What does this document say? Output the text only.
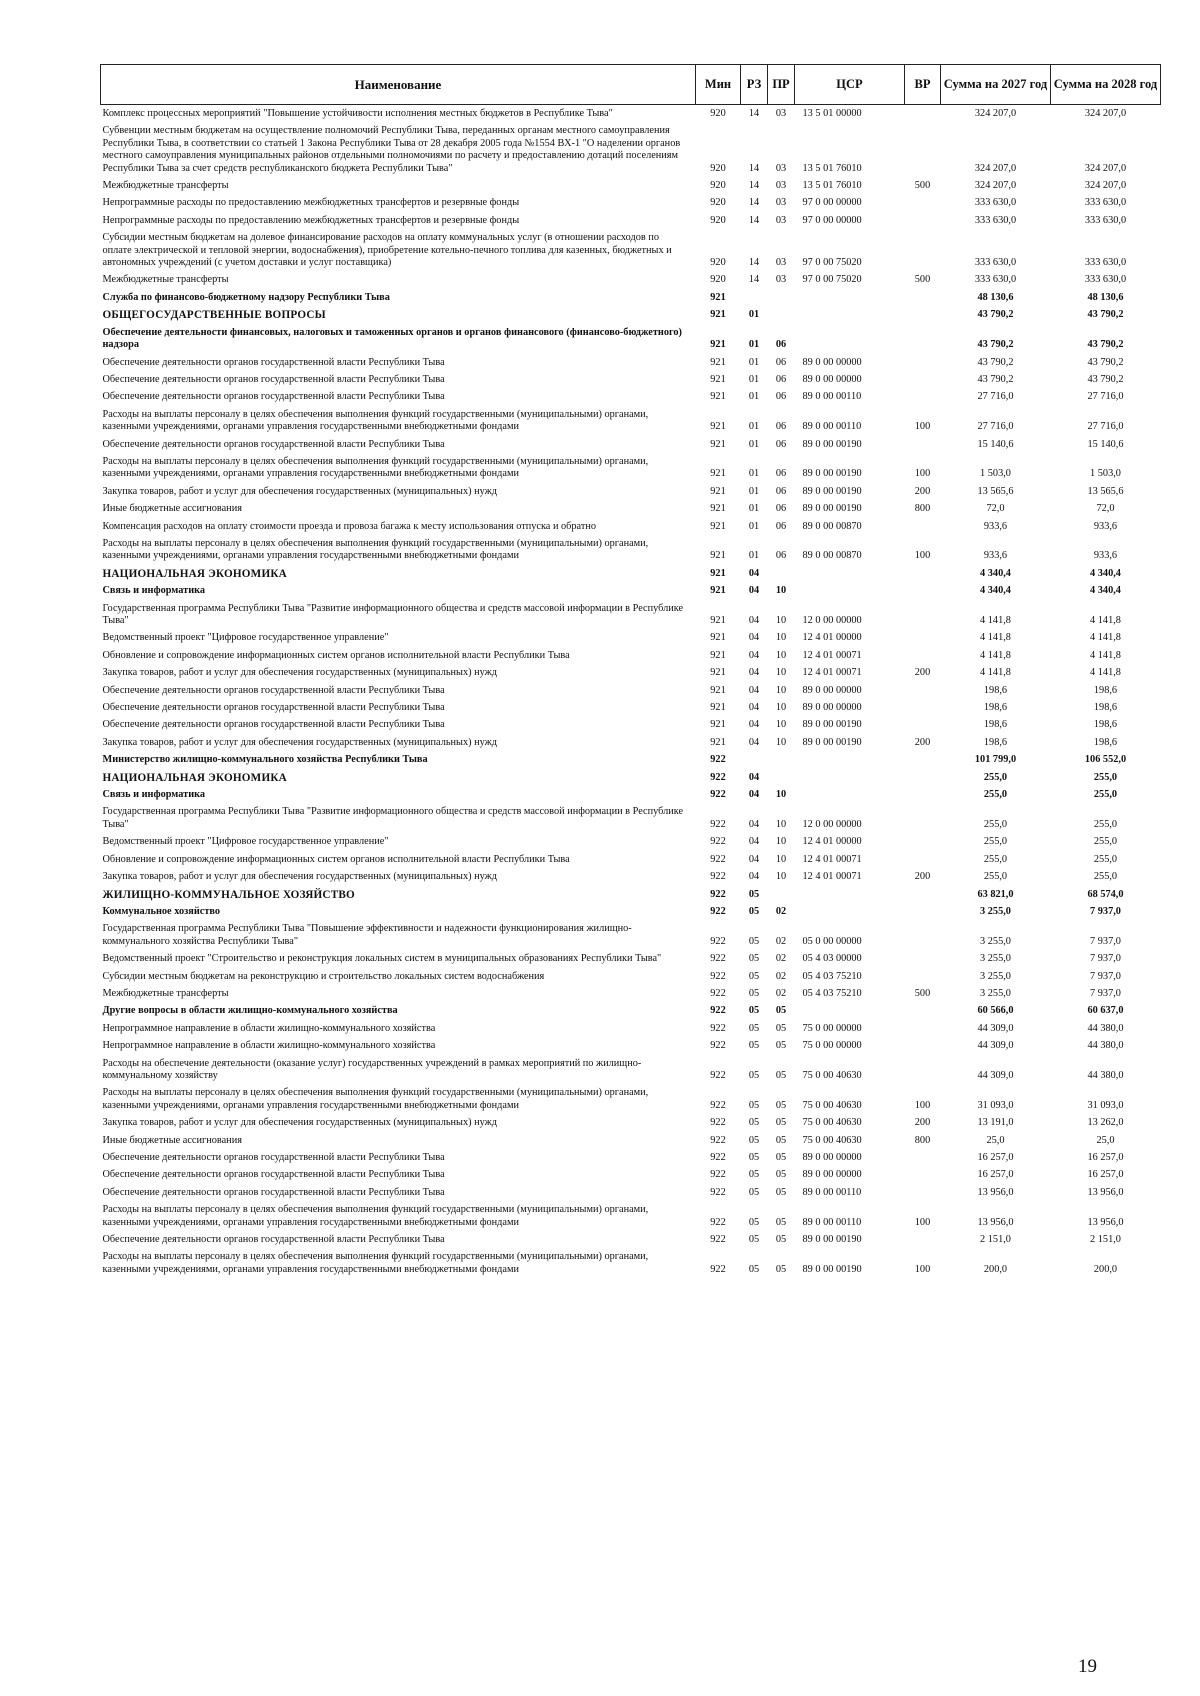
Наименование	Мин	РЗ	ПР	ЦСР	ВР	Сумма на 2027 год	Сумма на 2028 год
Комплекс процессных мероприятий "Повышение устойчивости исполнения местных бюджетов в Республике Тыва"	920	14	03	13 5 01 00000		324 207,0	324 207,0
Субвенции местным бюджетам на осуществление полномочий Республики Тыва, переданных органам местного самоуправления Республики Тыва, в соответствии со статьей 1 Закона Республики Тыва от 28 декабря 2005 года №1554 ВХ-1 "О наделении органов местного самоуправления муниципальных районов отдельными полномочиями по расчету и предоставлению дотаций поселениям Республики Тыва за счет средств республиканского бюджета Республики Тыва"	920	14	03	13 5 01 76010		324 207,0	324 207,0
Межбюджетные трансферты	920	14	03	13 5 01 76010	500	324 207,0	324 207,0
Непрограммные расходы по предоставлению межбюджетных трансфертов и резервные фонды	920	14	03	97 0 00 00000		333 630,0	333 630,0
Непрограммные расходы по предоставлению межбюджетных трансфертов и резервные фонды	920	14	03	97 0 00 00000		333 630,0	333 630,0
Субсидии местным бюджетам на долевое финансирование расходов на оплату коммунальных услуг (в отношении расходов по оплате электрической и тепловой энергии, водоснабжения), приобретение котельно-печного топлива для казенных, бюджетных и автономных учреждений (с учетом доставки и услуг поставщика)	920	14	03	97 0 00 75020		333 630,0	333 630,0
Межбюджетные трансферты	920	14	03	97 0 00 75020	500	333 630,0	333 630,0
Служба по финансово-бюджетному надзору Республики Тыва	921					48 130,6	48 130,6
ОБЩЕГОСУДАРСТВЕННЫЕ ВОПРОСЫ	921	01				43 790,2	43 790,2
Обеспечение деятельности финансовых, налоговых и таможенных органов и органов финансового (финансово-бюджетного) надзора	921	01	06			43 790,2	43 790,2
Обеспечение деятельности органов государственной власти Республики Тыва	921	01	06	89 0 00 00000		43 790,2	43 790,2
Обеспечение деятельности органов государственной власти Республики Тыва	921	01	06	89 0 00 00000		43 790,2	43 790,2
Обеспечение деятельности органов государственной власти Республики Тыва	921	01	06	89 0 00 00110		27 716,0	27 716,0
Расходы на выплаты персоналу в целях обеспечения выполнения функций государственными (муниципальными) органами, казенными учреждениями, органами управления государственными внебюджетными фондами	921	01	06	89 0 00 00110	100	27 716,0	27 716,0
Обеспечение деятельности органов государственной власти Республики Тыва	921	01	06	89 0 00 00190		15 140,6	15 140,6
Расходы на выплаты персоналу в целях обеспечения выполнения функций государственными (муниципальными) органами, казенными учреждениями, органами управления государственными внебюджетными фондами	921	01	06	89 0 00 00190	100	1 503,0	1 503,0
Закупка товаров, работ и услуг для обеспечения государственных (муниципальных) нужд	921	01	06	89 0 00 00190	200	13 565,6	13 565,6
Иные бюджетные ассигнования	921	01	06	89 0 00 00190	800	72,0	72,0
Компенсация расходов на оплату стоимости проезда и провоза багажа к месту использования отпуска и обратно	921	01	06	89 0 00 00870		933,6	933,6
Расходы на выплаты персоналу в целях обеспечения выполнения функций государственными (муниципальными) органами, казенными учреждениями, органами управления государственными внебюджетными фондами	921	01	06	89 0 00 00870	100	933,6	933,6
НАЦИОНАЛЬНАЯ ЭКОНОМИКА	921	04				4 340,4	4 340,4
Связь и информатика	921	04	10			4 340,4	4 340,4
Государственная программа Республики Тыва "Развитие информационного общества и средств массовой информации в Республике Тыва"	921	04	10	12 0 00 00000		4 141,8	4 141,8
Ведомственный проект "Цифровое государственное управление"	921	04	10	12 4 01 00000		4 141,8	4 141,8
Обновление и сопровождение информационных систем органов исполнительной власти Республики Тыва	921	04	10	12 4 01 00071		4 141,8	4 141,8
Закупка товаров, работ и услуг для обеспечения государственных (муниципальных) нужд	921	04	10	12 4 01 00071	200	4 141,8	4 141,8
Обеспечение деятельности органов государственной власти Республики Тыва	921	04	10	89 0 00 00000		198,6	198,6
Обеспечение деятельности органов государственной власти Республики Тыва	921	04	10	89 0 00 00000		198,6	198,6
Обеспечение деятельности органов государственной власти Республики Тыва	921	04	10	89 0 00 00190		198,6	198,6
Закупка товаров, работ и услуг для обеспечения государственных (муниципальных) нужд	921	04	10	89 0 00 00190	200	198,6	198,6
Министерство жилищно-коммунального хозяйства Республики Тыва	922					101 799,0	106 552,0
НАЦИОНАЛЬНАЯ ЭКОНОМИКА	922	04				255,0	255,0
Связь и информатика	922	04	10			255,0	255,0
Государственная программа Республики Тыва "Развитие информационного общества и средств массовой информации в Республике Тыва"	922	04	10	12 0 00 00000		255,0	255,0
Ведомственный проект "Цифровое государственное управление"	922	04	10	12 4 01 00000		255,0	255,0
Обновление и сопровождение информационных систем органов исполнительной власти Республики Тыва	922	04	10	12 4 01 00071		255,0	255,0
Закупка товаров, работ и услуг для обеспечения государственных (муниципальных) нужд	922	04	10	12 4 01 00071	200	255,0	255,0
ЖИЛИЩНО-КОММУНАЛЬНОЕ ХОЗЯЙСТВО	922	05				63 821,0	68 574,0
Коммунальное хозяйство	922	05	02			3 255,0	7 937,0
Государственная программа Республики Тыва "Повышение эффективности и надежности функционирования жилищно-коммунального хозяйства Республики Тыва"	922	05	02	05 0 00 00000		3 255,0	7 937,0
Ведомственный проект "Строительство и реконструкция локальных систем в муниципальных образованиях Республики Тыва"	922	05	02	05 4 03 00000		3 255,0	7 937,0
Субсидии местным бюджетам на реконструкцию и строительство локальных систем водоснабжения	922	05	02	05 4 03 75210		3 255,0	7 937,0
Межбюджетные трансферты	922	05	02	05 4 03 75210	500	3 255,0	7 937,0
Другие вопросы в области жилищно-коммунального хозяйства	922	05	05			60 566,0	60 637,0
Непрограммное направление в области жилищно-коммунального хозяйства	922	05	05	75 0 00 00000		44 309,0	44 380,0
Непрограммное направление в области жилищно-коммунального хозяйства	922	05	05	75 0 00 00000		44 309,0	44 380,0
Расходы на обеспечение деятельности (оказание услуг) государственных учреждений в рамках мероприятий по жилищно-коммунальному хозяйству	922	05	05	75 0 00 40630		44 309,0	44 380,0
Расходы на выплаты персоналу в целях обеспечения выполнения функций государственными (муниципальными) органами, казенными учреждениями, органами управления государственными внебюджетными фондами	922	05	05	75 0 00 40630	100	31 093,0	31 093,0
Закупка товаров, работ и услуг для обеспечения государственных (муниципальных) нужд	922	05	05	75 0 00 40630	200	13 191,0	13 262,0
Иные бюджетные ассигнования	922	05	05	75 0 00 40630	800	25,0	25,0
Обеспечение деятельности органов государственной власти Республики Тыва	922	05	05	89 0 00 00000		16 257,0	16 257,0
Обеспечение деятельности органов государственной власти Республики Тыва	922	05	05	89 0 00 00000		16 257,0	16 257,0
Обеспечение деятельности органов государственной власти Республики Тыва	922	05	05	89 0 00 00110		13 956,0	13 956,0
Расходы на выплаты персоналу в целях обеспечения выполнения функций государственными (муниципальными) органами, казенными учреждениями, органами управления государственными внебюджетными фондами	922	05	05	89 0 00 00110	100	13 956,0	13 956,0
Обеспечение деятельности органов государственной власти Республики Тыва	922	05	05	89 0 00 00190		2 151,0	2 151,0
Расходы на выплаты персоналу в целях обеспечения выполнения функций государственными (муниципальными) органами, казенными учреждениями, органами управления государственными внебюджетными фондами	922	05	05	89 0 00 00190	100	200,0	200,0
19
